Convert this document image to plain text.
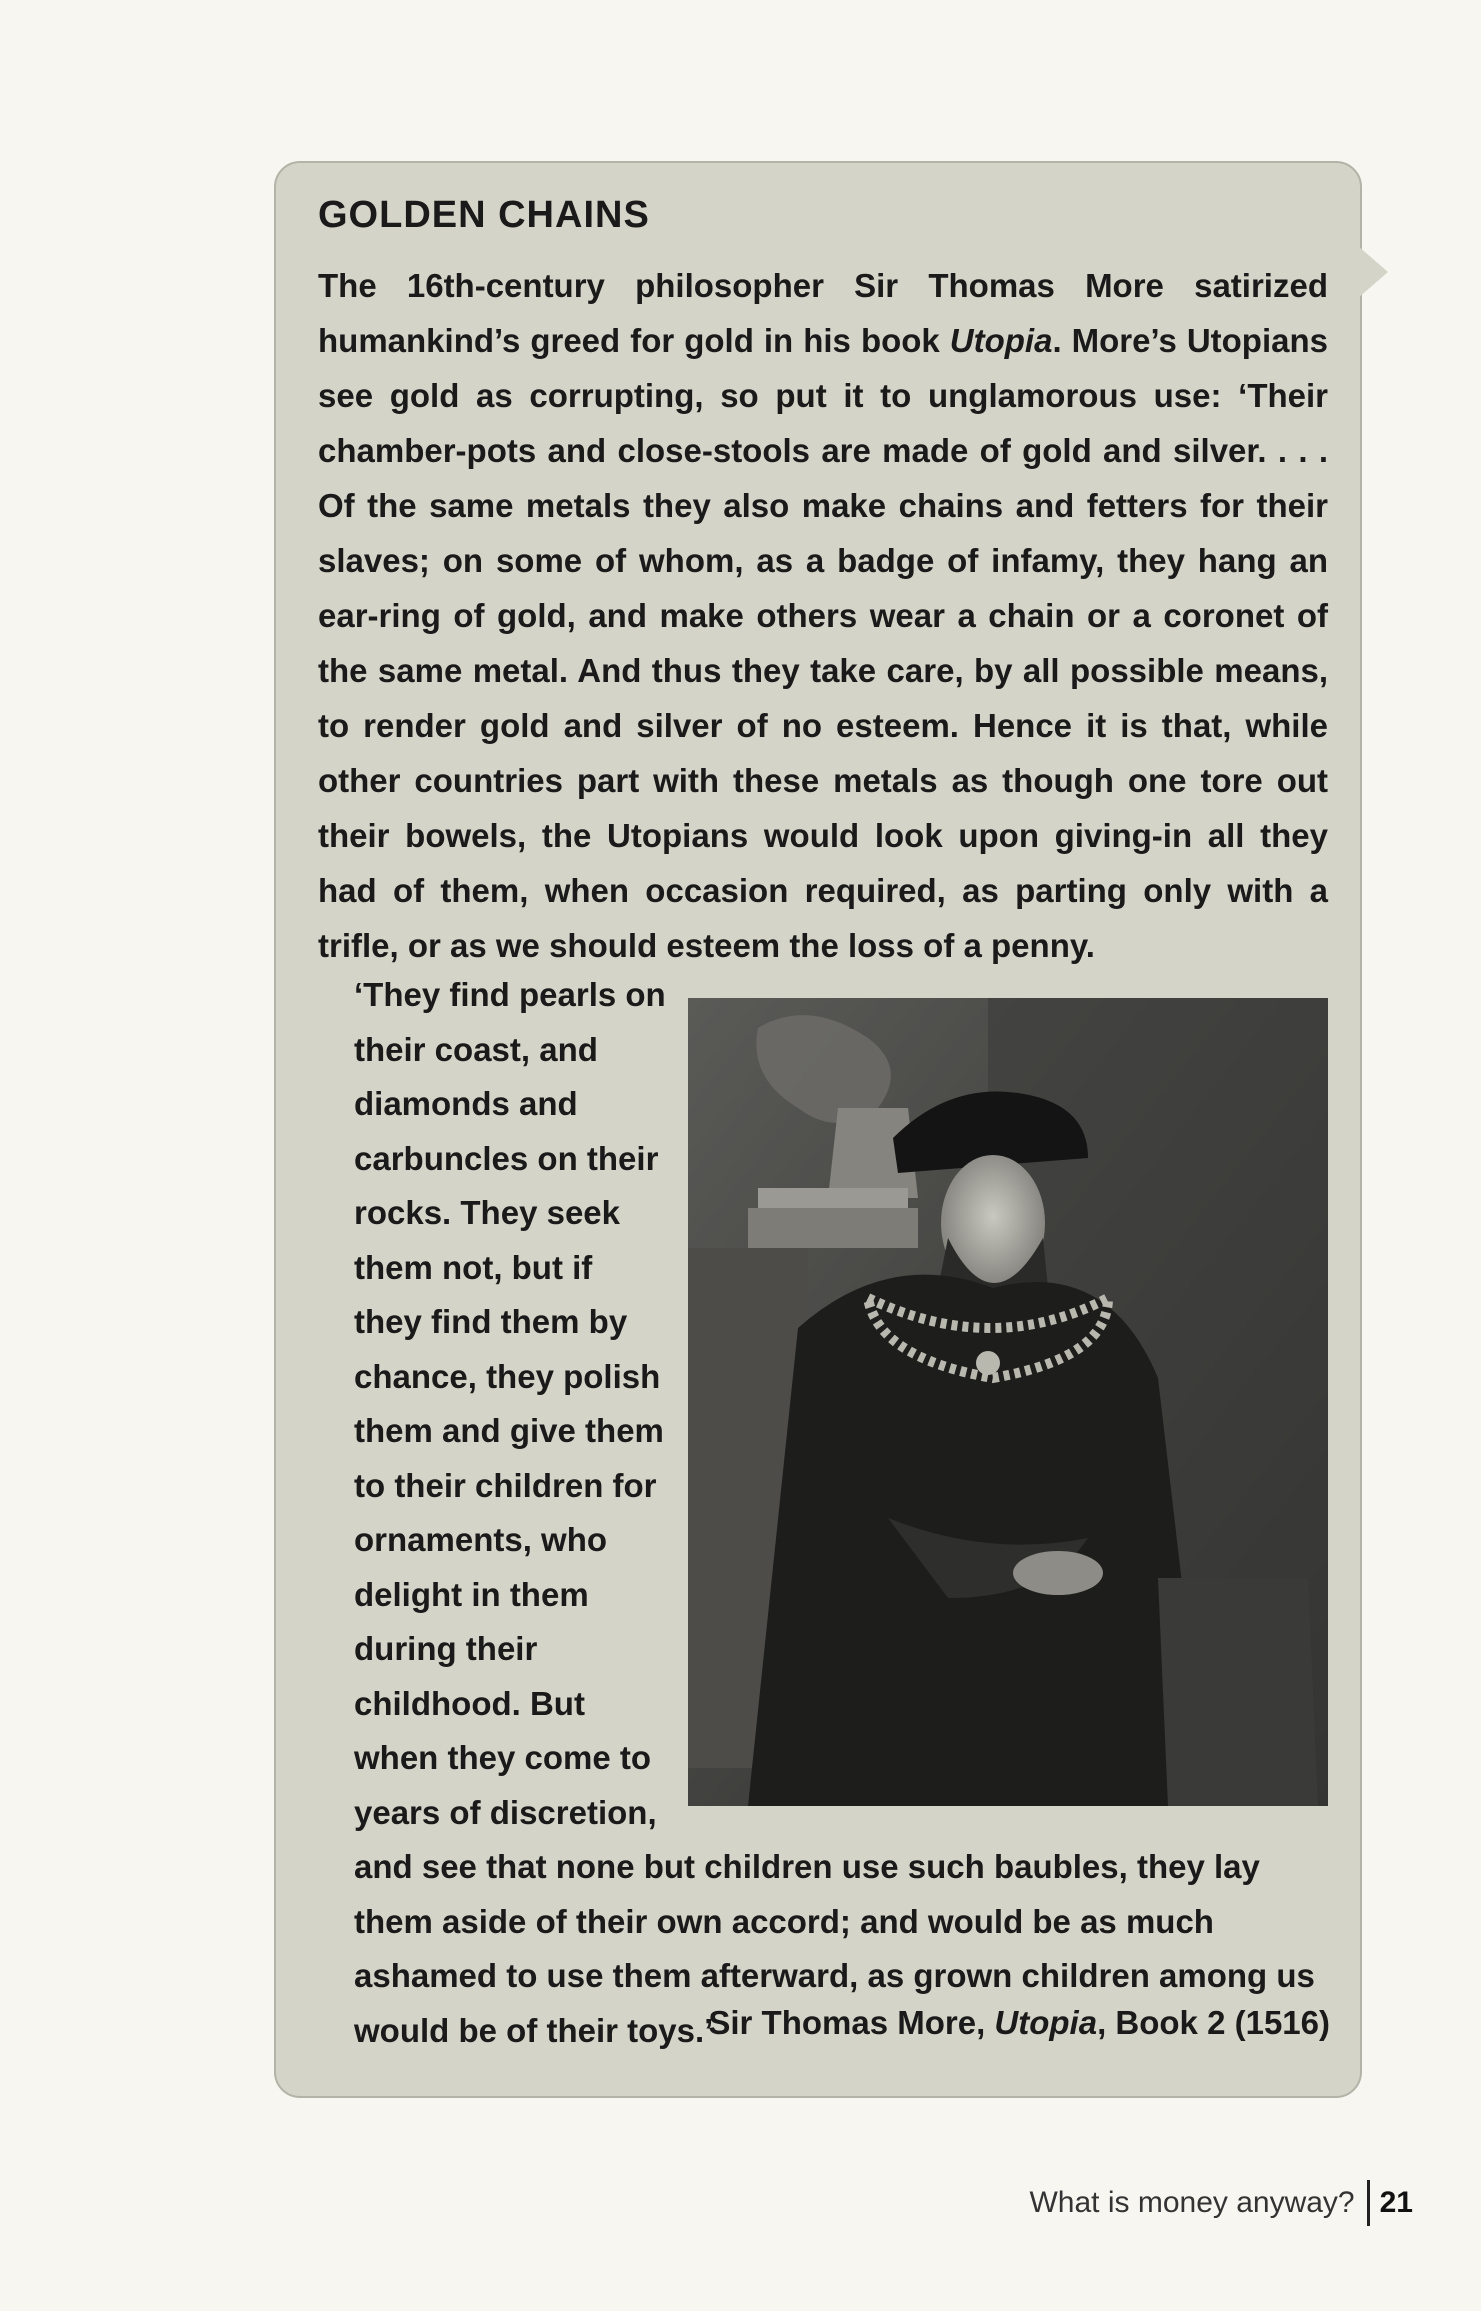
GOLDEN CHAINS

The 16th-century philosopher Sir Thomas More satirized humankind’s greed for gold in his book Utopia. More’s Utopians see gold as corrupting, so put it to unglamorous use: ‘Their chamber-pots and close-stools are made of gold and silver. . . . Of the same metals they also make chains and fetters for their slaves; on some of whom, as a badge of infamy, they hang an ear-ring of gold, and make others wear a chain or a coronet of the same metal. And thus they take care, by all possible means, to render gold and silver of no esteem. Hence it is that, while other countries part with these metals as though one tore out their bowels, the Utopians would look upon giving-in all they had of them, when occasion required, as parting only with a trifle, or as we should esteem the loss of a penny.

‘They find pearls on their coast, and diamonds and carbuncles on their rocks. They seek them not, but if they find them by chance, they polish them and give them to their children for ornaments, who delight in them during their childhood. But when they come to years of discretion, and see that none but children use such baubles, they lay them aside of their own accord; and would be as much ashamed to use them afterward, as grown children among us would be of their toys.’

Sir Thomas More, Utopia, Book 2 (1516)

What is money anyway? 21
